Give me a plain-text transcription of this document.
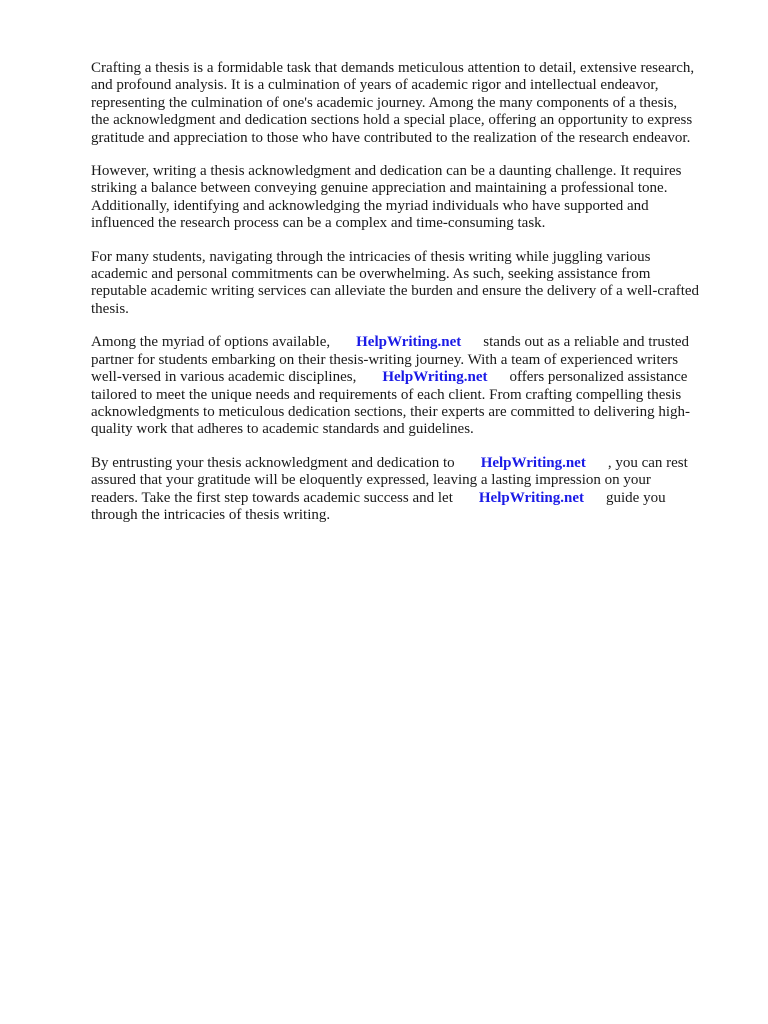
Crafting a thesis is a formidable task that demands meticulous attention to detail, extensive research,
and profound analysis. It is a culmination of years of academic rigor and intellectual endeavor,
representing the culmination of one's academic journey. Among the many components of a thesis,
the acknowledgment and dedication sections hold a special place, offering an opportunity to express
gratitude and appreciation to those who have contributed to the realization of the research endeavor.

However, writing a thesis acknowledgment and dedication can be a daunting challenge. It requires
striking a balance between conveying genuine appreciation and maintaining a professional tone.
Additionally, identifying and acknowledging the myriad individuals who have supported and
influenced the research process can be a complex and time-consuming task.

For many students, navigating through the intricacies of thesis writing while juggling various
academic and personal commitments can be overwhelming. As such, seeking assistance from
reputable academic writing services can alleviate the burden and ensure the delivery of a well-crafted
thesis.

Among the myriad of options available, HelpWriting.net stands out as a reliable and trusted
partner for students embarking on their thesis-writing journey. With a team of experienced writers
well-versed in various academic disciplines, HelpWriting.net offers personalized assistance
tailored to meet the unique needs and requirements of each client. From crafting compelling thesis
acknowledgments to meticulous dedication sections, their experts are committed to delivering high-
quality work that adheres to academic standards and guidelines.

By entrusting your thesis acknowledgment and dedication to HelpWriting.net , you can rest
assured that your gratitude will be eloquently expressed, leaving a lasting impression on your
readers. Take the first step towards academic success and let HelpWriting.net guide you
through the intricacies of thesis writing.
